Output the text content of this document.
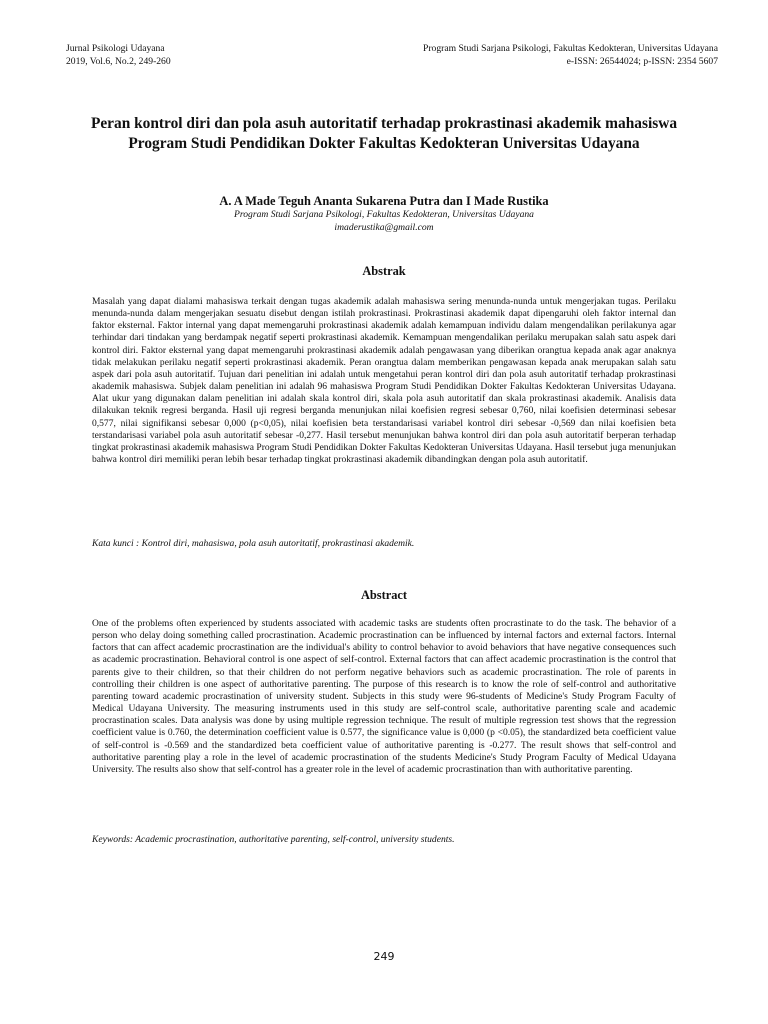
Jurnal Psikologi Udayana
2019, Vol.6, No.2, 249-260
Program Studi Sarjana Psikologi, Fakultas Kedokteran, Universitas Udayana
e-ISSN: 26544024; p-ISSN: 2354 5607
Peran kontrol diri dan pola asuh autoritatif terhadap prokrastinasi akademik mahasiswa Program Studi Pendidikan Dokter Fakultas Kedokteran Universitas Udayana
A. A Made Teguh Ananta Sukarena Putra dan I Made Rustika
Program Studi Sarjana Psikologi, Fakultas Kedokteran, Universitas Udayana
imaderustika@gmail.com
Abstrak

Masalah yang dapat dialami mahasiswa terkait dengan tugas akademik adalah mahasiswa sering menunda-nunda untuk mengerjakan tugas. Perilaku menunda-nunda dalam mengerjakan sesuatu disebut dengan istilah prokrastinasi. Prokrastinasi akademik dapat dipengaruhi oleh faktor internal dan faktor eksternal. Faktor internal yang dapat memengaruhi prokrastinasi akademik adalah kemampuan individu dalam mengendalikan perilakunya agar terhindar dari tindakan yang berdampak negatif seperti prokrastinasi akademik. Kemampuan mengendalikan perilaku merupakan salah satu aspek dari kontrol diri. Faktor eksternal yang dapat memengaruhi prokrastinasi akademik adalah pengawasan yang diberikan orangtua kepada anak agar anaknya tidak melakukan perilaku negatif seperti prokrastinasi akademik. Peran orangtua dalam memberikan pengawasan kepada anak merupakan salah satu aspek dari pola asuh autoritatif. Tujuan dari penelitian ini adalah untuk mengetahui peran kontrol diri dan pola asuh autoritatif terhadap prokrastinasi akademik mahasiswa. Subjek dalam penelitian ini adalah 96 mahasiswa Program Studi Pendidikan Dokter Fakultas Kedokteran Universitas Udayana. Alat ukur yang digunakan dalam penelitian ini adalah skala kontrol diri, skala pola asuh autoritatif dan skala prokrastinasi akademik. Analisis data dilakukan teknik regresi berganda. Hasil uji regresi berganda menunjukan nilai koefisien regresi sebesar 0,760, nilai koefisien determinasi sebesar 0,577, nilai signifikansi sebesar 0,000 (p<0,05), nilai koefisien beta terstandarisasi variabel kontrol diri sebesar -0,569 dan nilai koefisien beta terstandarisasi variabel pola asuh autoritatif sebesar -0,277. Hasil tersebut menunjukan bahwa kontrol diri dan pola asuh autoritatif berperan terhadap tingkat prokrastinasi akademik mahasiswa Program Studi Pendidikan Dokter Fakultas Kedokteran Universitas Udayana. Hasil tersebut juga menunjukan bahwa kontrol diri memiliki peran lebih besar terhadap tingkat prokrastinasi akademik dibandingkan dengan pola asuh autoritatif.

Kata kunci : Kontrol diri, mahasiswa, pola asuh autoritatif, prokrastinasi akademik.

Abstract

One of the problems often experienced by students associated with academic tasks are students often procrastinate to do the task. The behavior of a person who delay doing something called procrastination. Academic procrastination can be influenced by internal factors and external factors. Internal factors that can affect academic procrastination are the individual's ability to control behavior to avoid behaviors that have negative consequences such as academic procrastination. Behavioral control is one aspect of self-control. External factors that can affect academic procrastination is the control that parents give to their children, so that their children do not perform negative behaviors such as academic procrastination. The role of parents in controlling their children is one aspect of authoritative parenting. The purpose of this research is to know the role of self-control and authoritative parenting toward academic procrastination of university student. Subjects in this study were 96-students of Medicine's Study Program Faculty of Medical Udayana University. The measuring instruments used in this study are self-control scale, authoritative parenting scale and academic procrastination scales. Data analysis was done by using multiple regression technique. The result of multiple regression test shows that the regression coefficient value is 0.760, the determination coefficient value is 0.577, the significance value is 0,000 (p <0.05), the standardized beta coefficient value of self-control is -0.569 and the standardized beta coefficient value of authoritative parenting is -0.277. The result shows that self-control and authoritative parenting play a role in the level of academic procrastination of the students Medicine's Study Program Faculty of Medical Udayana University. The results also show that self-control has a greater role in the level of academic procrastination than with authoritative parenting.

Keywords: Academic procrastination, authoritative parenting, self-control, university students.

249
